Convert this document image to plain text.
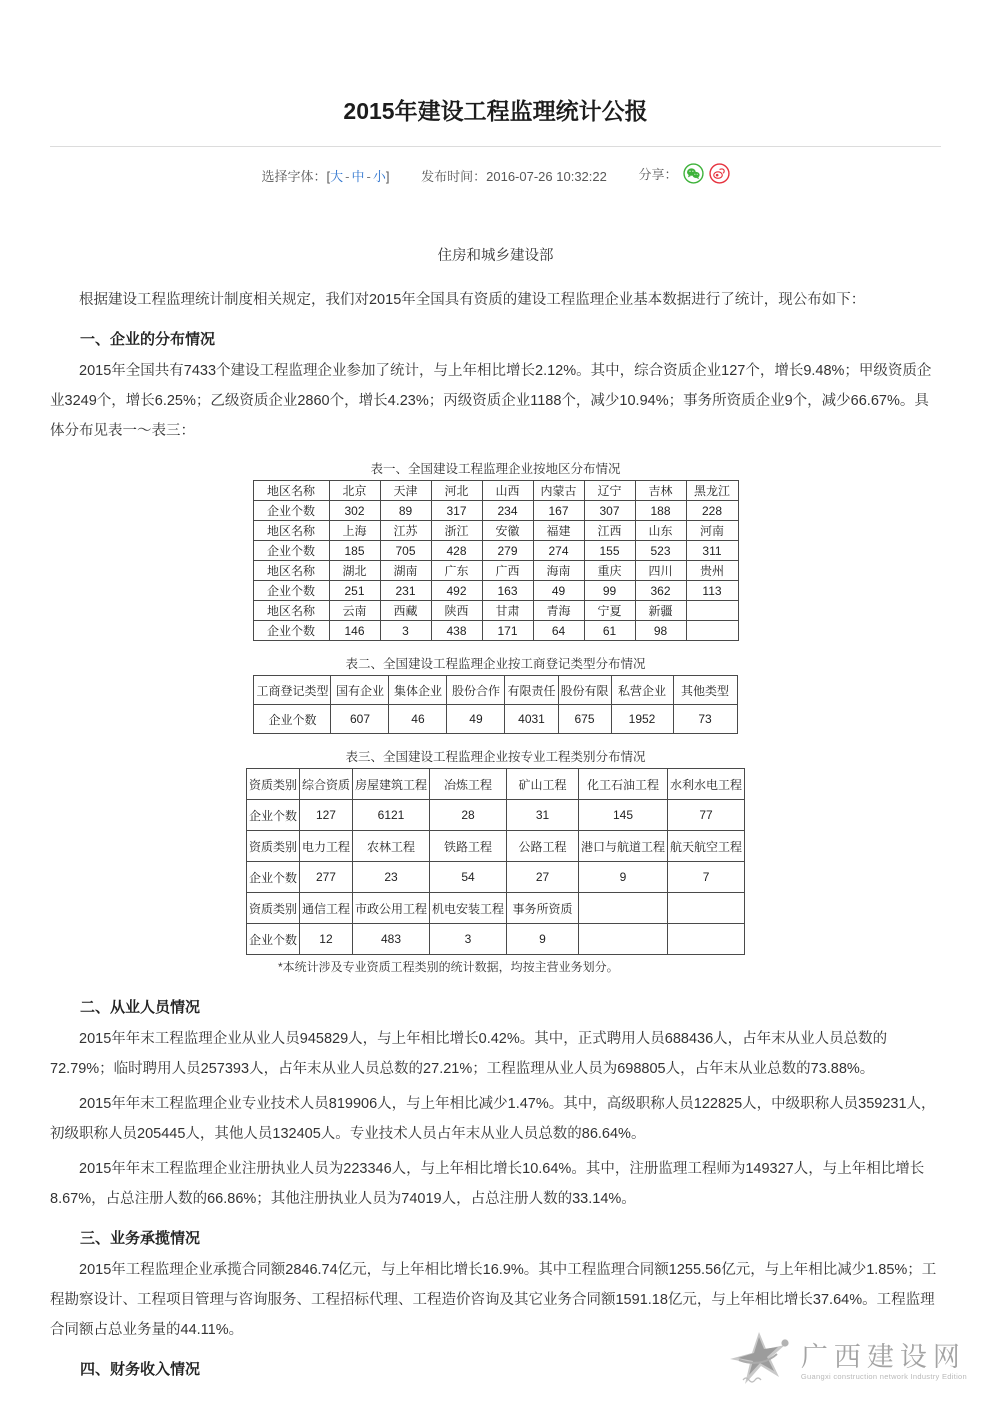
2015年建设工程监理统计公报
选择字体：[大 - 中 - 小] 发布时间：2016-07-26 10:32:22 分享：
住房和城乡建设部

根据建设工程监理统计制度相关规定，我们对2015年全国具有资质的建设工程监理企业基本数据进行了统计，现公布如下：

一、企业的分布情况

2015年全国共有7433个建设工程监理企业参加了统计，与上年相比增长2.12%。其中，综合资质企业127个，增长9.48%；甲级资质企业3249个，增长6.25%；乙级资质企业2860个，增长4.23%；丙级资质企业1188个，减少10.94%；事务所资质企业9个，减少66.67%。具体分布见表一～表三：

表一、全国建设工程监理企业按地区分布情况
地区名称	北京	天津	河北	山西	内蒙古	辽宁	吉林	黑龙江
企业个数	302	89	317	234	167	307	188	228
地区名称	上海	江苏	浙江	安徽	福建	江西	山东	河南
企业个数	185	705	428	279	274	155	523	311
地区名称	湖北	湖南	广东	广西	海南	重庆	四川	贵州
企业个数	251	231	492	163	49	99	362	113
地区名称	云南	西藏	陕西	甘肃	青海	宁夏	新疆	
企业个数	146	3	438	171	64	61	98	
表二、全国建设工程监理企业按工商登记类型分布情况
工商登记类型	国有企业	集体企业	股份合作	有限责任	股份有限	私营企业	其他类型
企业个数	607	46	49	4031	675	1952	73
表三、全国建设工程监理企业按专业工程类别分布情况
资质类别	综合资质	房屋建筑工程	冶炼工程	矿山工程	化工石油工程	水利水电工程
企业个数	127	6121	28	31	145	77
资质类别	电力工程	农林工程	铁路工程	公路工程	港口与航道工程	航天航空工程
企业个数	277	23	54	27	9	7
资质类别	通信工程	市政公用工程	机电安装工程	事务所资质		
企业个数	12	483	3	9		
*本统计涉及专业资质工程类别的统计数据，均按主营业务划分。
二、从业人员情况

2015年年末工程监理企业从业人员945829人，与上年相比增长0.42%。其中，正式聘用人员688436人，占年末从业人员总数的72.79%；临时聘用人员257393人，占年末从业人员总数的27.21%；工程监理从业人员为698805人，占年末从业总数的73.88%。

2015年年末工程监理企业专业技术人员819906人，与上年相比减少1.47%。其中，高级职称人员122825人，中级职称人员359231人，初级职称人员205445人，其他人员132405人。专业技术人员占年末从业人员总数的86.64%。

2015年年末工程监理企业注册执业人员为223346人，与上年相比增长10.64%。其中，注册监理工程师为149327人，与上年相比增长8.67%，占总注册人数的66.86%；其他注册执业人员为74019人，占总注册人数的33.14%。

三、业务承揽情况

2015年工程监理企业承揽合同额2846.74亿元，与上年相比增长16.9%。其中工程监理合同额1255.56亿元，与上年相比减少1.85%；工程勘察设计、工程项目管理与咨询服务、工程招标代理、工程造价咨询及其它业务合同额1591.18亿元，与上年相比增长37.64%。工程监理合同额占总业务量的44.11%。

四、财务收入情况	广西建设网
Guangxi construction network Industry Edition
